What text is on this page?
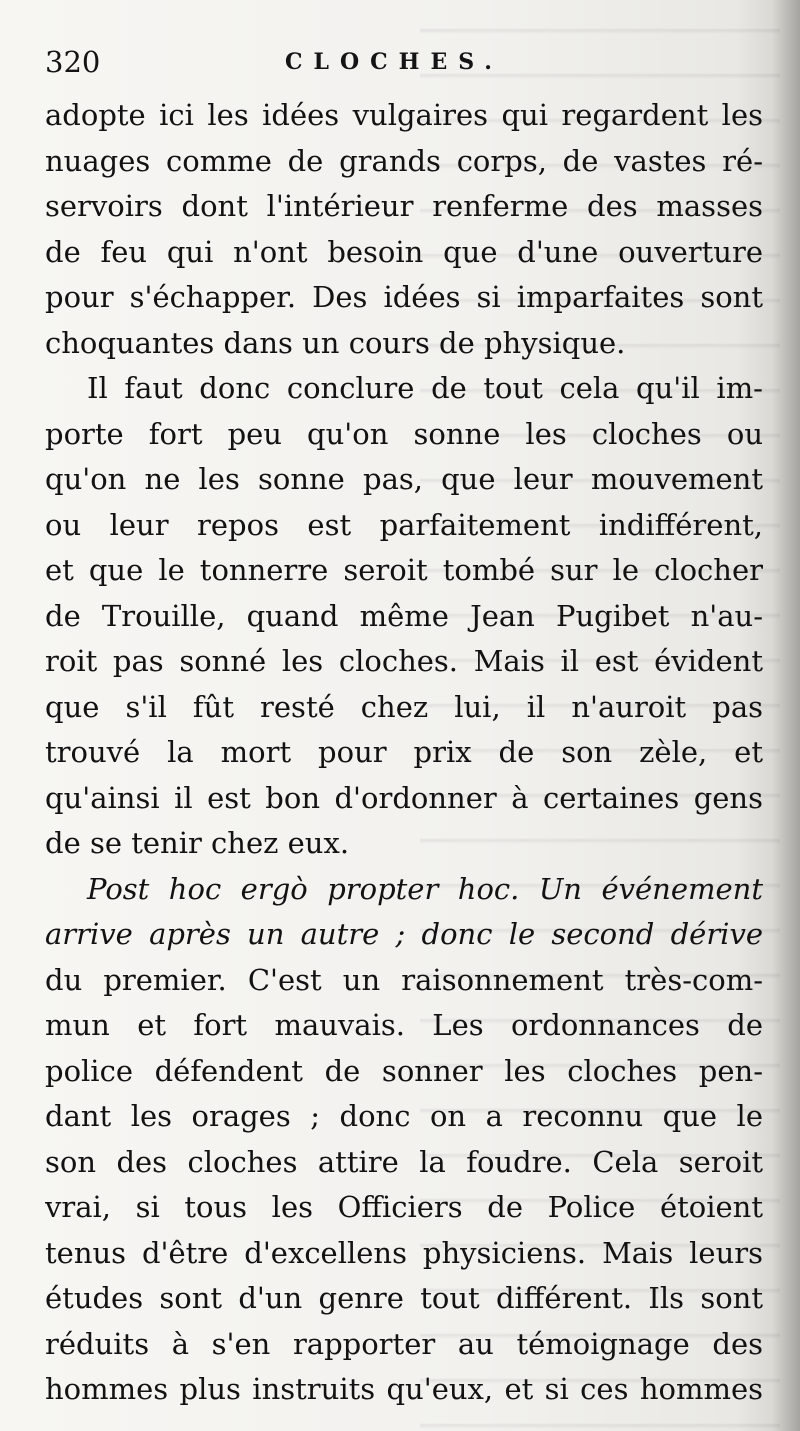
320	CLOCHES.
adopte ici les idées vulgaires qui regardent les
nuages comme de grands corps, de vastes ré-
servoirs dont l'intérieur renferme des masses
de feu qui n'ont besoin que d'une ouverture
pour s'échapper. Des idées si imparfaites sont
choquantes dans un cours de physique.
Il faut donc conclure de tout cela qu'il im-
porte fort peu qu'on sonne les cloches ou
qu'on ne les sonne pas, que leur mouvement
ou leur repos est parfaitement indifférent,
et que le tonnerre seroit tombé sur le clocher
de Trouille, quand même Jean Pugibet n'au-
roit pas sonné les cloches. Mais il est évident
que s'il fût resté chez lui, il n'auroit pas
trouvé la mort pour prix de son zèle, et
qu'ainsi il est bon d'ordonner à certaines gens
de se tenir chez eux.
Post hoc ergò propter hoc. Un événement
arrive après un autre ; donc le second dérive
du premier. C'est un raisonnement très-com-
mun et fort mauvais. Les ordonnances de
police défendent de sonner les cloches pen-
dant les orages ; donc on a reconnu que le
son des cloches attire la foudre. Cela seroit
vrai, si tous les Officiers de Police étoient
tenus d'être d'excellens physiciens. Mais leurs
études sont d'un genre tout différent. Ils sont
réduits à s'en rapporter au témoignage des
hommes plus instruits qu'eux, et si ces hommes
